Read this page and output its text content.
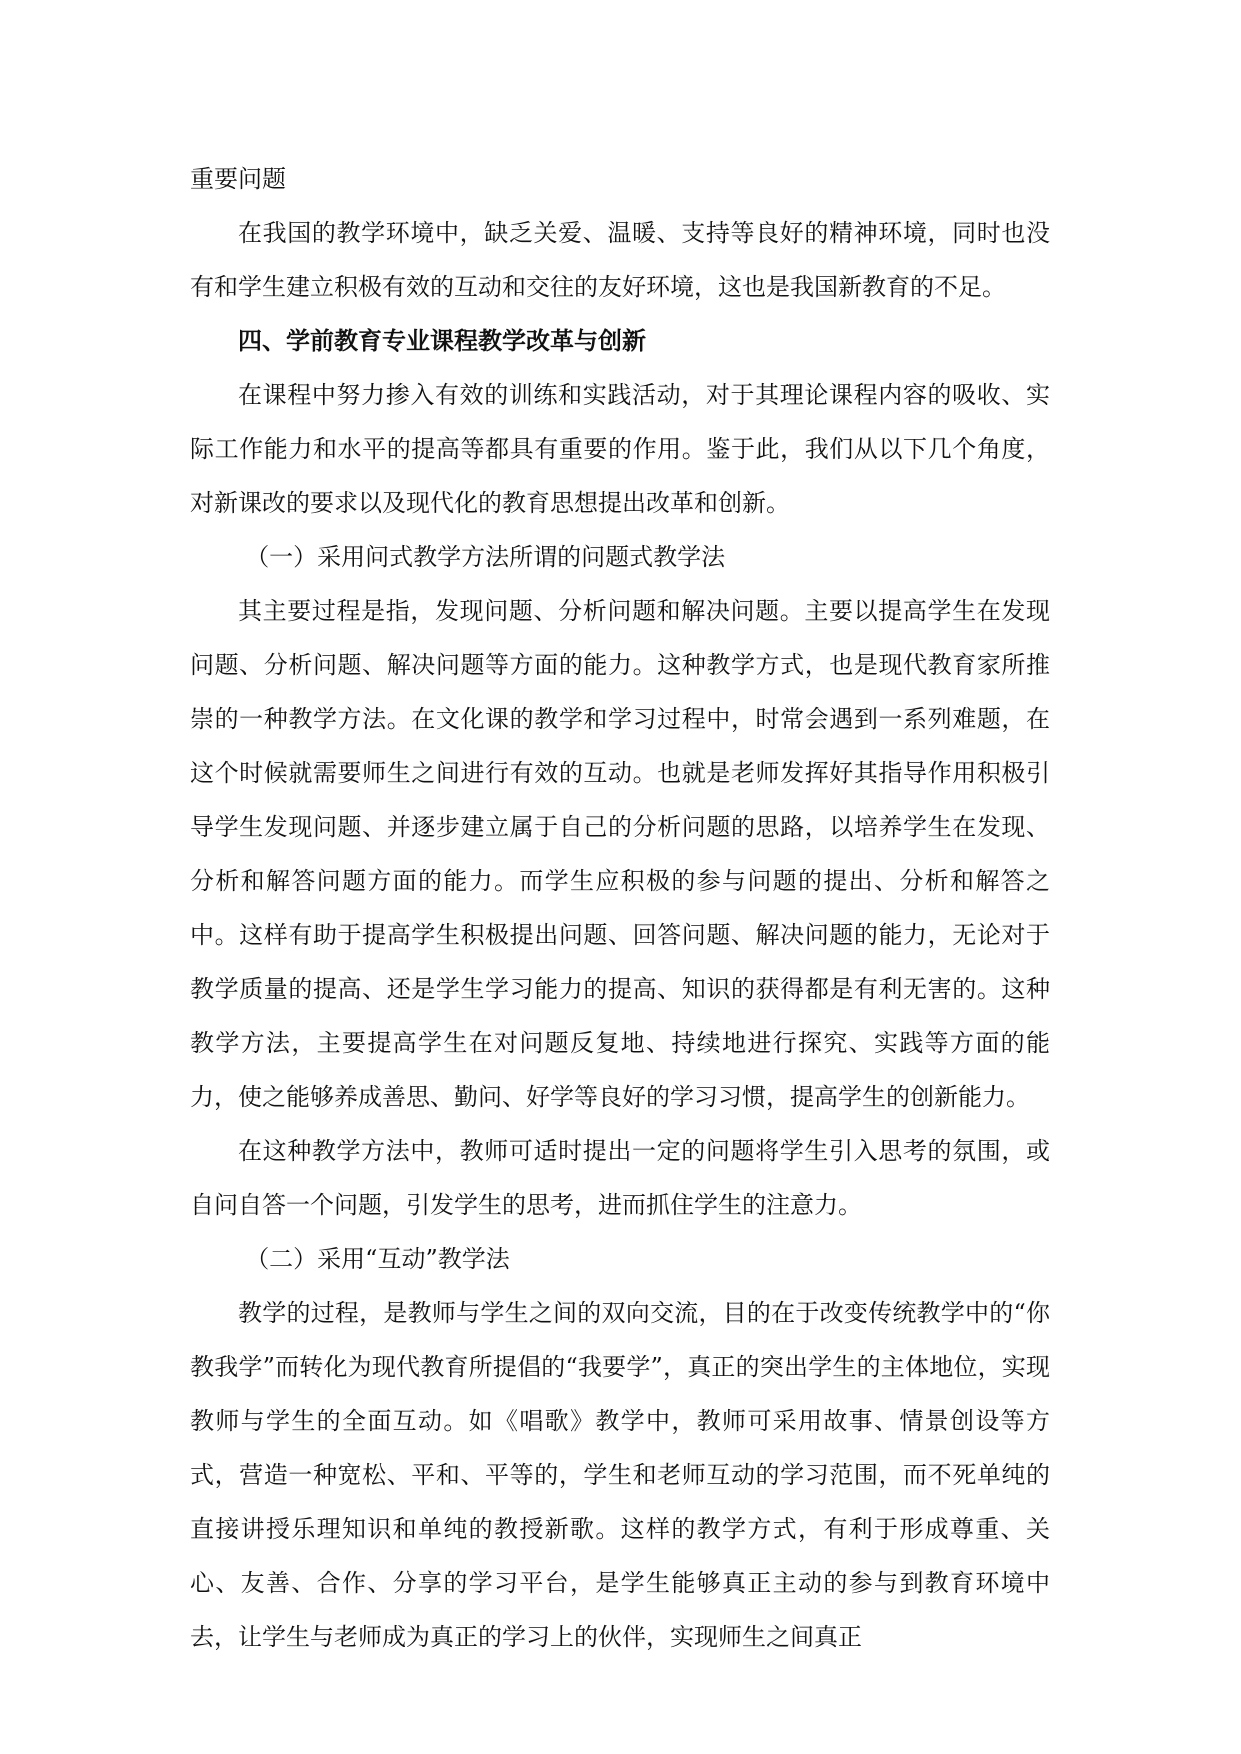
重要问题

在我国的教学环境中，缺乏关爱、温暖、支持等良好的精神环境，同时也没有和学生建立积极有效的互动和交往的友好环境，这也是我国新教育的不足。

四、学前教育专业课程教学改革与创新

在课程中努力掺入有效的训练和实践活动，对于其理论课程内容的吸收、实际工作能力和水平的提高等都具有重要的作用。鉴于此，我们从以下几个角度，对新课改的要求以及现代化的教育思想提出改革和创新。

（一）采用问式教学方法所谓的问题式教学法

其主要过程是指，发现问题、分析问题和解决问题。主要以提高学生在发现问题、分析问题、解决问题等方面的能力。这种教学方式，也是现代教育家所推崇的一种教学方法。在文化课的教学和学习过程中，时常会遇到一系列难题，在这个时候就需要师生之间进行有效的互动。也就是老师发挥好其指导作用积极引导学生发现问题、并逐步建立属于自己的分析问题的思路，以培养学生在发现、分析和解答问题方面的能力。而学生应积极的参与问题的提出、分析和解答之中。这样有助于提高学生积极提出问题、回答问题、解决问题的能力，无论对于教学质量的提高、还是学生学习能力的提高、知识的获得都是有利无害的。这种教学方法，主要提高学生在对问题反复地、持续地进行探究、实践等方面的能力，使之能够养成善思、勤问、好学等良好的学习习惯，提高学生的创新能力。

在这种教学方法中，教师可适时提出一定的问题将学生引入思考的氛围，或自问自答一个问题，引发学生的思考，进而抓住学生的注意力。

（二）采用“互动”教学法

教学的过程，是教师与学生之间的双向交流，目的在于改变传统教学中的“你教我学”而转化为现代教育所提倡的“我要学”，真正的突出学生的主体地位，实现教师与学生的全面互动。如《唱歌》教学中，教师可采用故事、情景创设等方式，营造一种宽松、平和、平等的，学生和老师互动的学习范围，而不死单纯的直接讲授乐理知识和单纯的教授新歌。这样的教学方式，有利于形成尊重、关心、友善、合作、分享的学习平台，是学生能够真正主动的参与到教育环境中去，让学生与老师成为真正的学习上的伙伴，实现师生之间真正
